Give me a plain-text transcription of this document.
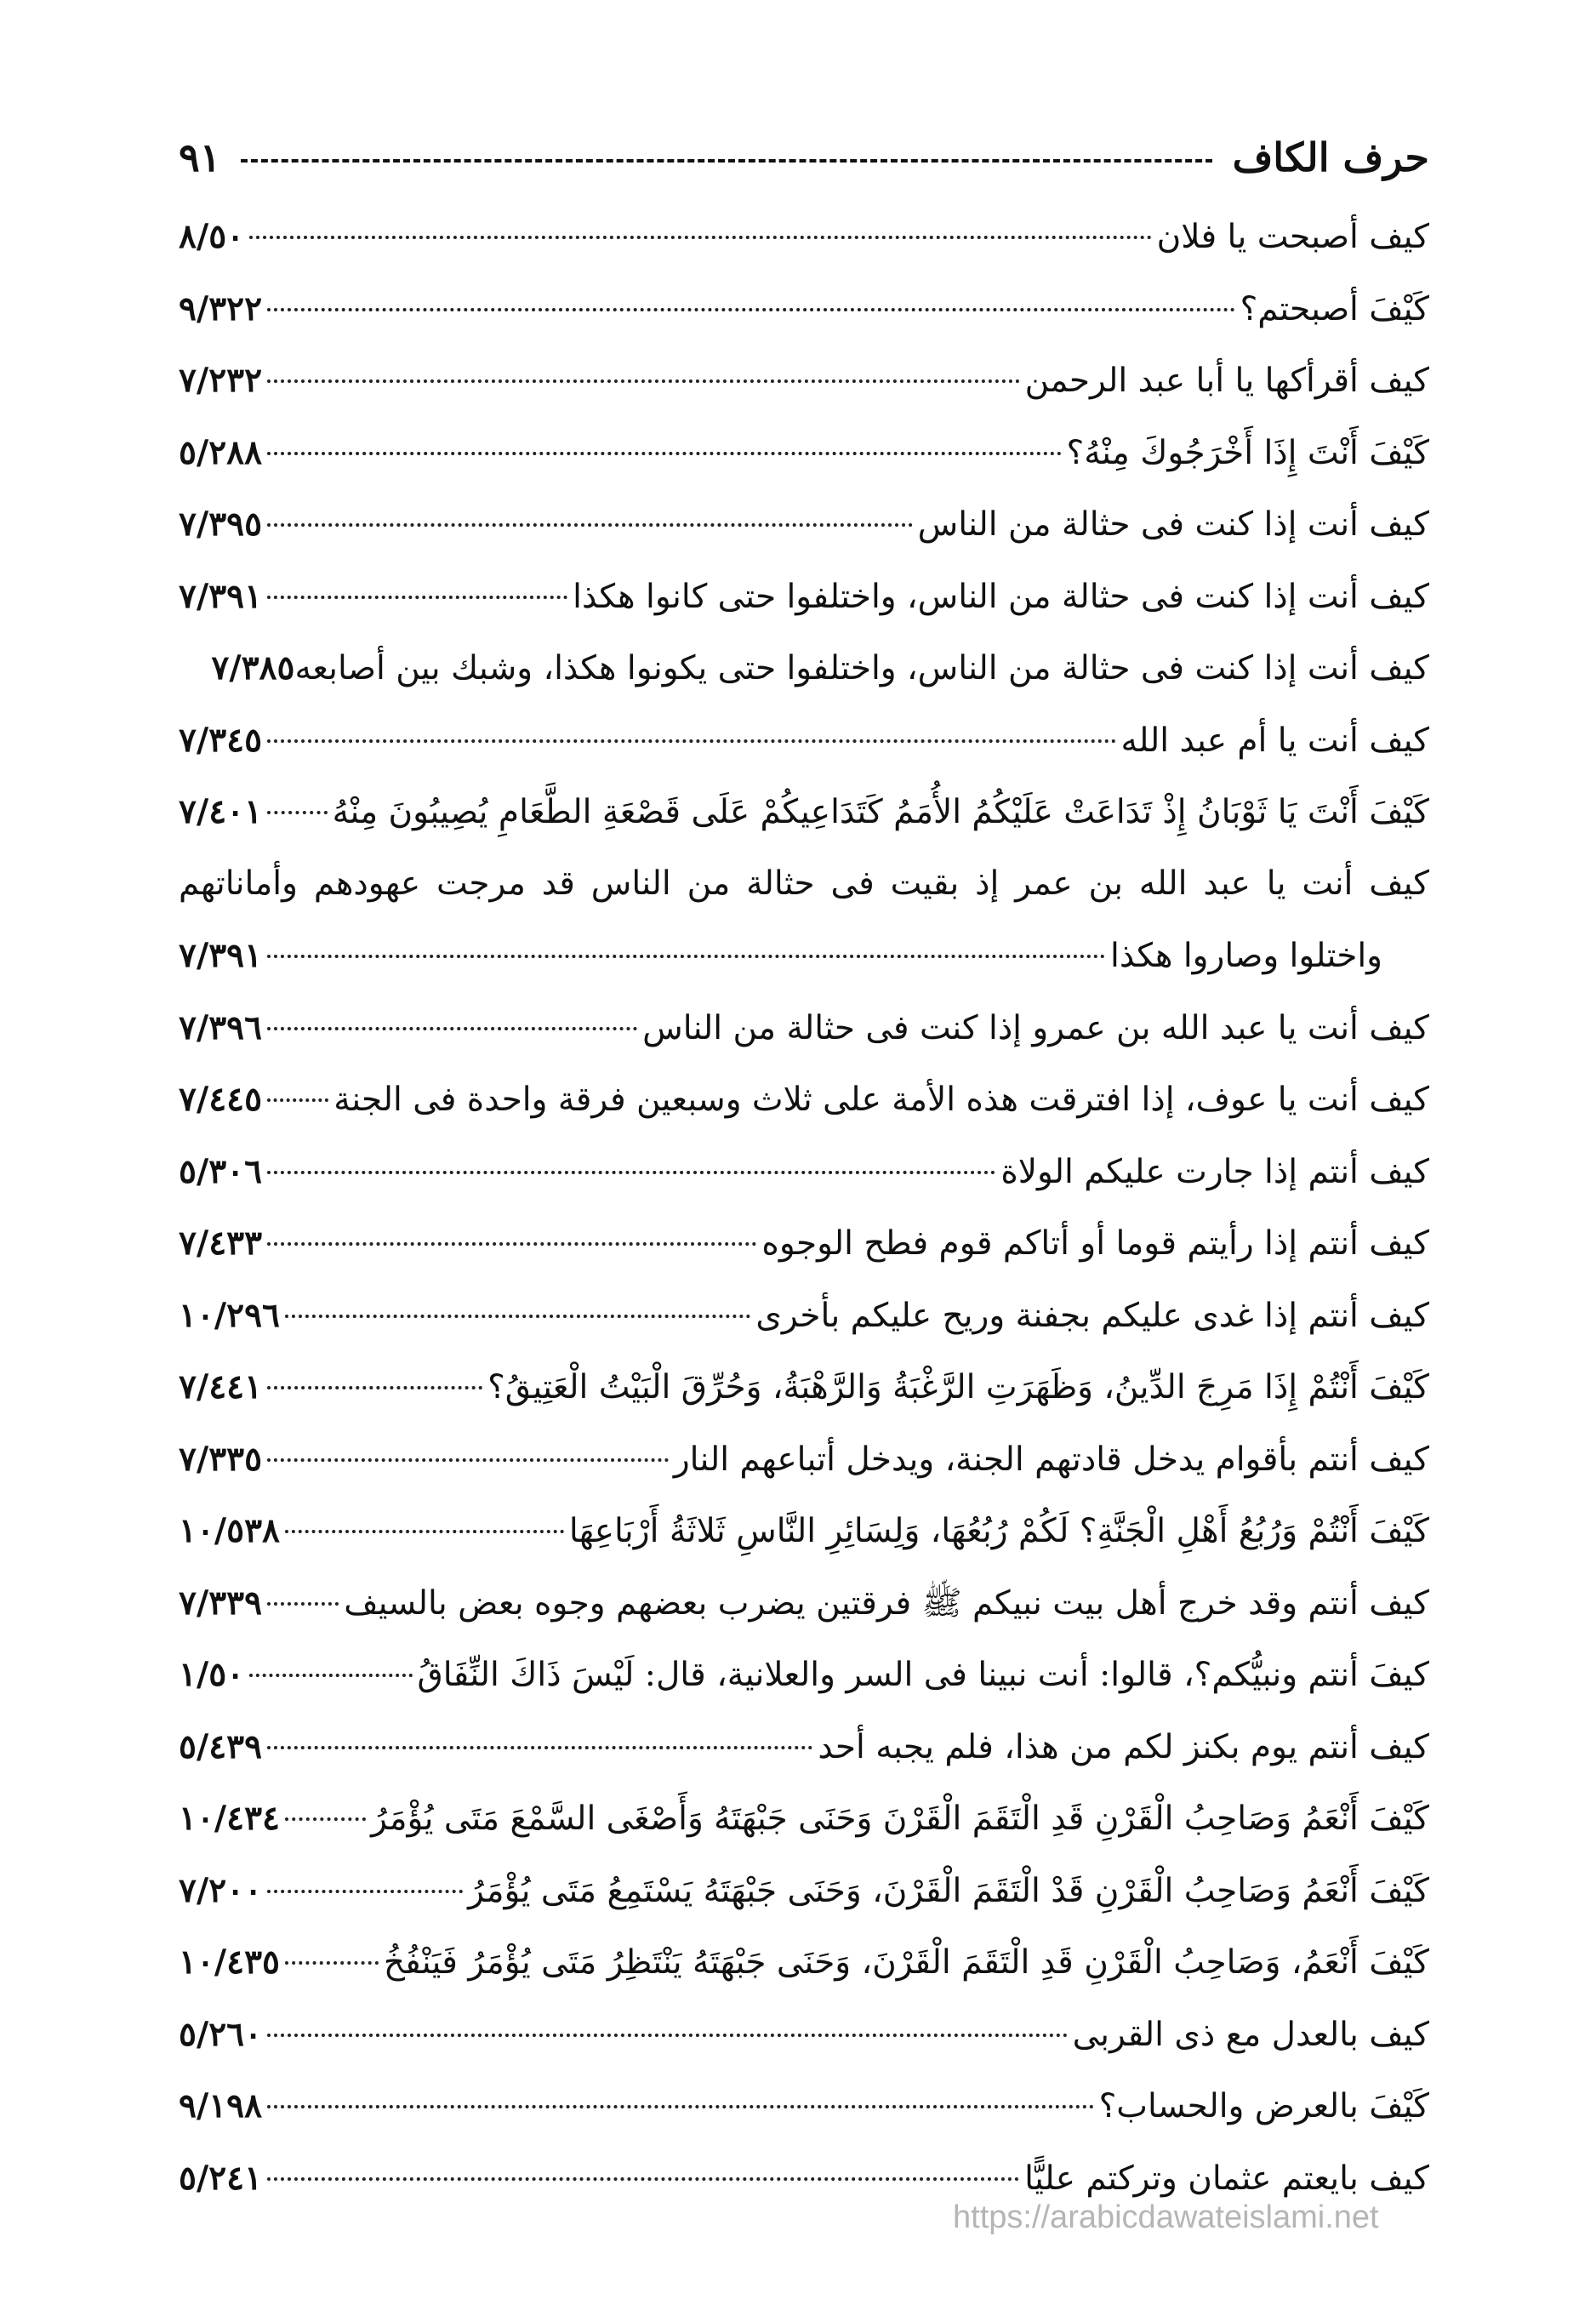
حرف الكاف
٩١
كيف أصبحت يا فلان
٨/٥٠
كَيْفَ أصبحتم؟
٩/٣٢٢
كيف أقرأكها يا أبا عبد الرحمن
٧/٢٣٢
كَيْفَ أَنْتَ إِذَا أَخْرَجُوكَ مِنْهُ؟
٥/٢٨٨
كيف أنت إذا كنت فى حثالة من الناس
٧/٣٩٥
كيف أنت إذا كنت فى حثالة من الناس، واختلفوا حتى كانوا هكذا
٧/٣٩١
كيف أنت إذا كنت فى حثالة من الناس، واختلفوا حتى يكونوا هكذا، وشبك بين أصابعه
٧/٣٨٥
كيف أنت يا أم عبد الله
٧/٣٤٥
كَيْفَ أَنْتَ يَا ثَوْبَانُ إِذْ تَدَاعَتْ عَلَيْكُمُ الأُمَمُ كَتَدَاعِيكُمْ عَلَى قَصْعَةِ الطَّعَامِ يُصِيبُونَ مِنْهُ
٧/٤٠١
كيف أنت يا عبد الله بن عمر إذ بقيت فى حثالة من الناس قد مرجت عهودهم وأماناتهم
واختلوا وصاروا هكذا
٧/٣٩١
كيف أنت يا عبد الله بن عمرو إذا كنت فى حثالة من الناس
٧/٣٩٦
كيف أنت يا عوف، إذا افترقت هذه الأمة على ثلاث وسبعين فرقة واحدة فى الجنة
٧/٤٤٥
كيف أنتم إذا جارت عليكم الولاة
٥/٣٠٦
كيف أنتم إذا رأيتم قوما أو أتاكم قوم فطح الوجوه
٧/٤٣٣
كيف أنتم إذا غدى عليكم بجفنة وريح عليكم بأخرى
١٠/٢٩٦
كَيْفَ أَنْتُمْ إِذَا مَرِجَ الدِّينُ، وَظَهَرَتِ الرَّغْبَةُ وَالرَّهْبَةُ، وَحُرِّقَ الْبَيْتُ الْعَتِيقُ؟
٧/٤٤١
كيف أنتم بأقوام يدخل قادتهم الجنة، ويدخل أتباعهم النار
٧/٣٣٥
كَيْفَ أَنْتُمْ وَرُبُعُ أَهْلِ الْجَنَّةِ؟ لَكُمْ رُبُعُهَا، وَلِسَائِرِ النَّاسِ ثَلاثَةُ أَرْبَاعِهَا
١٠/٥٣٨
كيف أنتم وقد خرج أهل بيت نبيكم ﷺ فرقتين يضرب بعضهم وجوه بعض بالسيف
٧/٣٣٩
كيفَ أنتم ونبيُّكم؟، قالوا: أنت نبينا فى السر والعلانية، قال: لَيْسَ ذَاكَ النِّفَاقُ
١/٥٠
كيف أنتم يوم بكنز لكم من هذا، فلم يجبه أحد
٥/٤٣٩
كَيْفَ أَنْعَمُ وَصَاحِبُ الْقَرْنِ قَدِ الْتَقَمَ الْقَرْنَ وَحَنَى جَبْهَتَهُ وَأَصْغَى السَّمْعَ مَتَى يُؤْمَرُ
١٠/٤٣٤
كَيْفَ أَنْعَمُ وَصَاحِبُ الْقَرْنِ قَدْ الْتَقَمَ الْقَرْنَ، وَحَنَى جَبْهَتَهُ يَسْتَمِعُ مَتَى يُؤْمَرُ
٧/٢٠٠
كَيْفَ أَنْعَمُ، وَصَاحِبُ الْقَرْنِ قَدِ الْتَقَمَ الْقَرْنَ، وَحَنَى جَبْهَتَهُ يَنْتَظِرُ مَتَى يُؤْمَرُ فَيَنْفُخُ
١٠/٤٣٥
كيف بالعدل مع ذى القربى
٥/٢٦٠
كَيْفَ بالعرض والحساب؟
٩/١٩٨
كيف بايعتم عثمان وتركتم عليًّا
٥/٢٤١
https://arabicdawateislami.net
